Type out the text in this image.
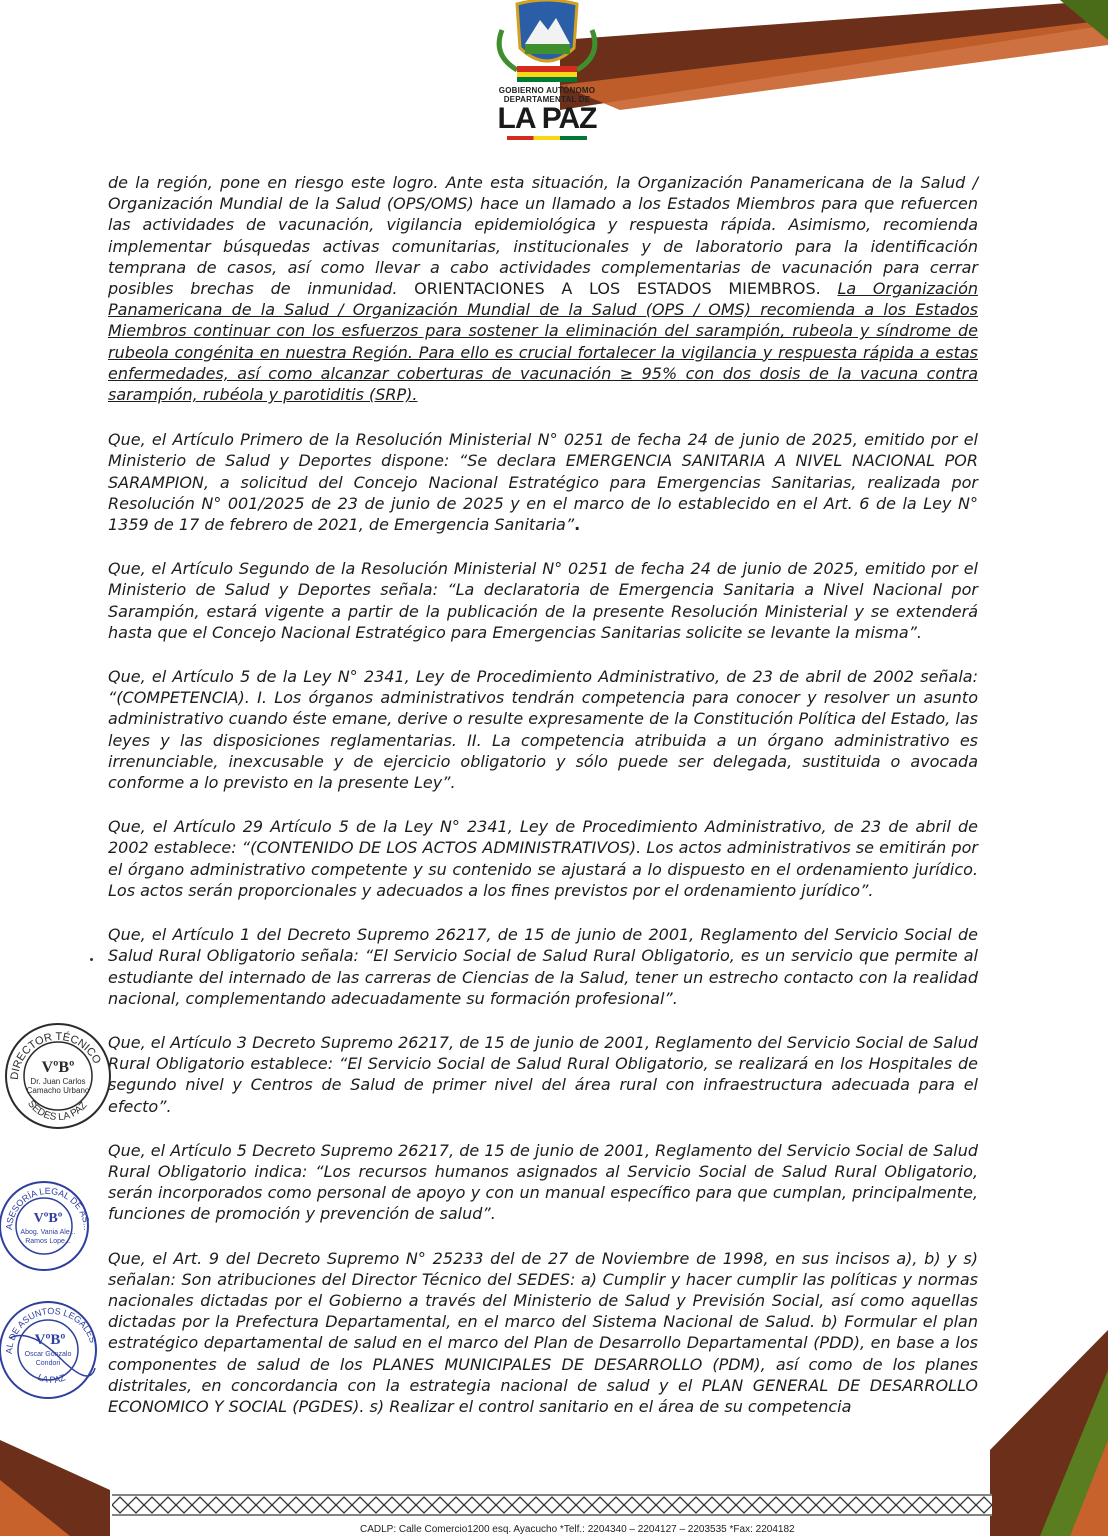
GOBIERNO AUTÓNOMO
DEPARTAMENTAL DE
LA PAZ

de la región, pone en riesgo este logro. Ante esta situación, la Organización Panamericana de la Salud / Organización Mundial de la Salud (OPS/OMS) hace un llamado a los Estados Miembros para que refuercen las actividades de vacunación, vigilancia epidemiológica y respuesta rápida. Asimismo, recomienda implementar búsquedas activas comunitarias, institucionales y de laboratorio para la identificación temprana de casos, así como llevar a cabo actividades complementarias de vacunación para cerrar posibles brechas de inmunidad. ORIENTACIONES A LOS ESTADOS MIEMBROS. La Organización Panamericana de la Salud / Organización Mundial de la Salud (OPS / OMS) recomienda a los Estados Miembros continuar con los esfuerzos para sostener la eliminación del sarampión, rubeola y síndrome de rubeola congénita en nuestra Región. Para ello es crucial fortalecer la vigilancia y respuesta rápida a estas enfermedades, así como alcanzar coberturas de vacunación ≥ 95% con dos dosis de la vacuna contra sarampión, rubéola y parotiditis (SRP).

Que, el Artículo Primero de la Resolución Ministerial N° 0251 de fecha 24 de junio de 2025, emitido por el Ministerio de Salud y Deportes dispone: “Se declara EMERGENCIA SANITARIA A NIVEL NACIONAL POR SARAMPION, a solicitud del Concejo Nacional Estratégico para Emergencias Sanitarias, realizada por Resolución N° 001/2025 de 23 de junio de 2025 y en el marco de lo establecido en el Art. 6 de la Ley N° 1359 de 17 de febrero de 2021, de Emergencia Sanitaria”.

Que, el Artículo Segundo de la Resolución Ministerial N° 0251 de fecha 24 de junio de 2025, emitido por el Ministerio de Salud y Deportes señala: “La declaratoria de Emergencia Sanitaria a Nivel Nacional por Sarampión, estará vigente a partir de la publicación de la presente Resolución Ministerial y se extenderá hasta que el Concejo Nacional Estratégico para Emergencias Sanitarias solicite se levante la misma”.

Que, el Artículo 5 de la Ley N° 2341, Ley de Procedimiento Administrativo, de 23 de abril de 2002 señala: “(COMPETENCIA). I. Los órganos administrativos tendrán competencia para conocer y resolver un asunto administrativo cuando éste emane, derive o resulte expresamente de la Constitución Política del Estado, las leyes y las disposiciones reglamentarias. II. La competencia atribuida a un órgano administrativo es irrenunciable, inexcusable y de ejercicio obligatorio y sólo puede ser delegada, sustituida o avocada conforme a lo previsto en la presente Ley”.

Que, el Artículo 29 Artículo 5 de la Ley N° 2341, Ley de Procedimiento Administrativo, de 23 de abril de 2002 establece: “(CONTENIDO DE LOS ACTOS ADMINISTRATIVOS). Los actos administrativos se emitirán por el órgano administrativo competente y su contenido se ajustará a lo dispuesto en el ordenamiento jurídico. Los actos serán proporcionales y adecuados a los fines previstos por el ordenamiento jurídico”.

Que, el Artículo 1 del Decreto Supremo 26217, de 15 de junio de 2001, Reglamento del Servicio Social de Salud Rural Obligatorio señala: “El Servicio Social de Salud Rural Obligatorio, es un servicio que permite al estudiante del internado de las carreras de Ciencias de la Salud, tener un estrecho contacto con la realidad nacional, complementando adecuadamente su formación profesional”.

Que, el Artículo 3 Decreto Supremo 26217, de 15 de junio de 2001, Reglamento del Servicio Social de Salud Rural Obligatorio establece: “El Servicio Social de Salud Rural Obligatorio, se realizará en los Hospitales de segundo nivel y Centros de Salud de primer nivel del área rural con infraestructura adecuada para el efecto”.

Que, el Artículo 5 Decreto Supremo 26217, de 15 de junio de 2001, Reglamento del Servicio Social de Salud Rural Obligatorio indica: “Los recursos humanos asignados al Servicio Social de Salud Rural Obligatorio, serán incorporados como personal de apoyo y con un manual específico para que cumplan, principalmente, funciones de promoción y prevención de salud”.

Que, el Art. 9 del Decreto Supremo N° 25233 del de 27 de Noviembre de 1998, en sus incisos a), b) y s) señalan: Son atribuciones del Director Técnico del SEDES: a) Cumplir y hacer cumplir las políticas y normas nacionales dictadas por el Gobierno a través del Ministerio de Salud y Previsión Social, así como aquellas dictadas por la Prefectura Departamental, en el marco del Sistema Nacional de Salud. b) Formular el plan estratégico departamental de salud en el marco del Plan de Desarrollo Departamental (PDD), en base a los componentes de salud de los PLANES MUNICIPALES DE DESARROLLO (PDM), así como de los planes distritales, en concordancia con la estrategia nacional de salud y el PLAN GENERAL DE DESARROLLO ECONOMICO Y SOCIAL (PGDES). s) Realizar el control sanitario en el área de su competencia

DIRECTOR TÉCNICO
SEDES LA PAZ
VºBº
Dr. Juan Carlos
Camacho Urbano
ASESORÍA LEGAL DE AS...
VºBº
Abog. Vania Ale...
Ramos Lope...
AL DE ASUNTOS LEGALES
LA PAZ
VºBº
Oscar Gonzalo
Condori
CADLP: Calle Comercio1200 esq. Ayacucho *Telf.: 2204340 – 2204127 – 2203535 *Fax: 2204182
